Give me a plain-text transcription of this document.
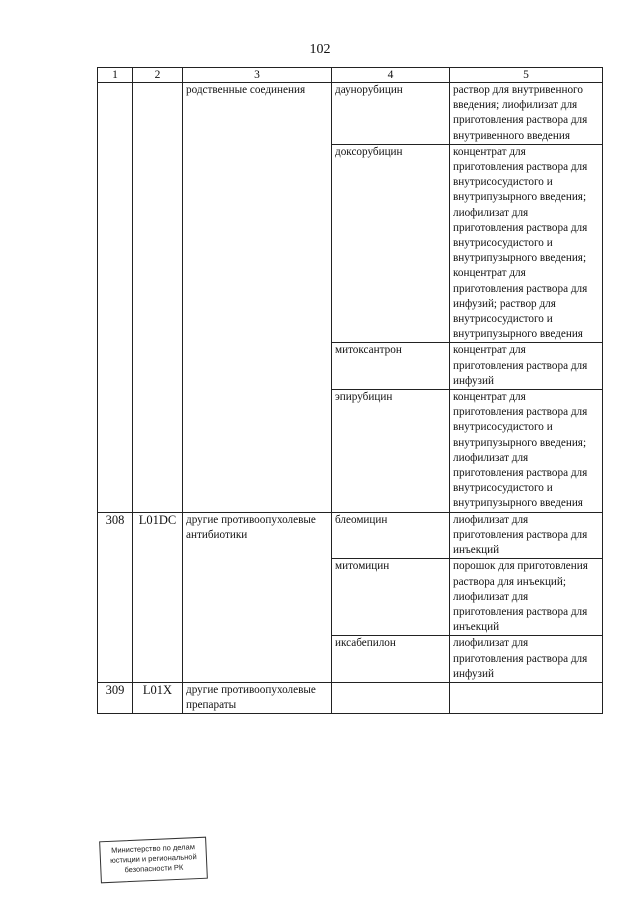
102
1	2	3	4	5
		родственные соединения	даунорубицин	раствор для внутривенного введения; лиофилизат для приготовления раствора для внутривенного введения
			доксорубицин	концентрат для приготовления раствора для внутрисосудистого и внутрипузырного введения; лиофилизат для приготовления раствора для внутрисосудистого и внутрипузырного введения; концентрат для приготовления раствора для инфузий; раствор для внутрисосудистого и внутрипузырного введения
			митоксантрон	концентрат для приготовления раствора для инфузий
			эпирубицин	концентрат для приготовления раствора для внутрисосудистого и внутрипузырного введения; лиофилизат для приготовления раствора для внутрисосудистого и внутрипузырного введения
308	L01DC	другие противоопухолевые антибиотики	блеомицин	лиофилизат для приготовления раствора для инъекций
			митомицин	порошок для приготовления раствора для инъекций; лиофилизат для приготовления раствора для инъекций
			иксабепилон	лиофилизат для приготовления раствора для инфузий
309	L01X	другие противоопухолевые препараты		
Министерство по делам
юстиции и региональной
безопасности РК
